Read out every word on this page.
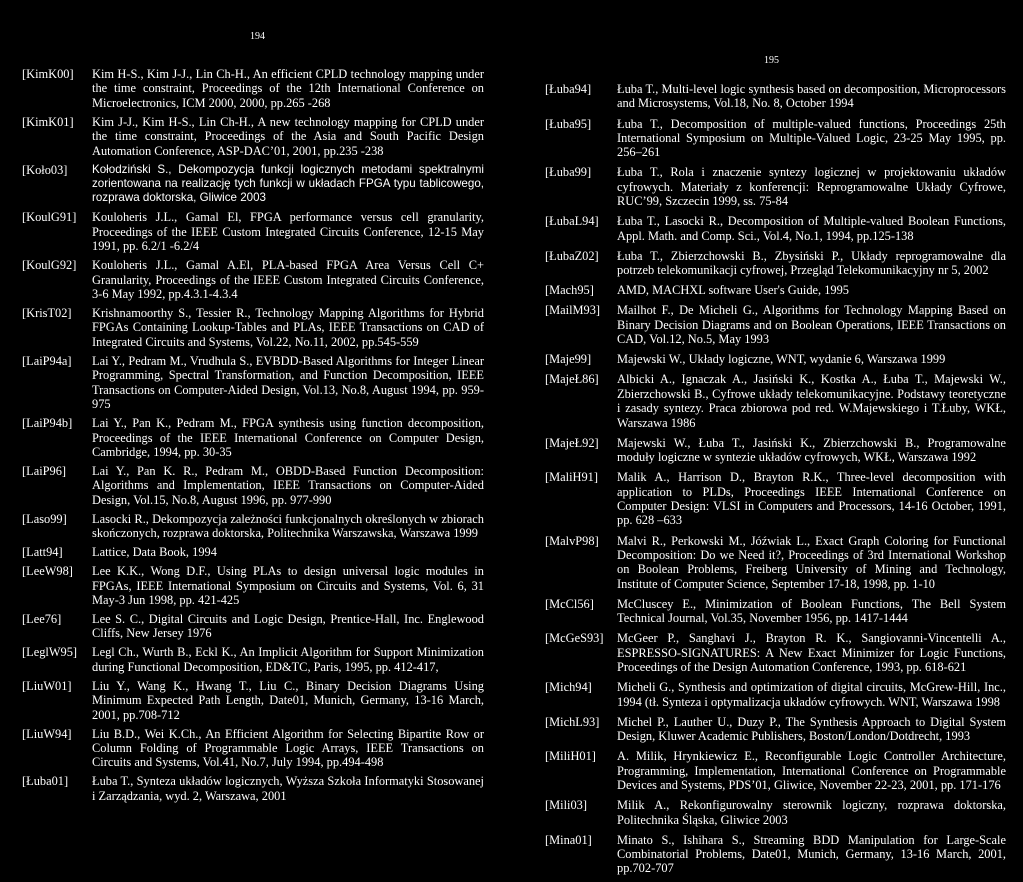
194
[KimK00]	Kim H-S., Kim J-J., Lin Ch-H., An efficient CPLD technology mapping under the time constraint, Proceedings of the 12th International Conference on Microelectronics, ICM 2000, 2000, pp.265 -268
[KimK01]	Kim J-J., Kim H-S., Lin Ch-H., A new technology mapping for CPLD under the time constraint, Proceedings of the Asia and South Pacific Design Automation Conference, ASP-DAC’01, 2001, pp.235 -238
[Koło03]	Kołodziński S., Dekompozycja funkcji logicznych metodami spektralnymi zorientowana na realizację tych funkcji w układach FPGA typu tablicowego, rozprawa doktorska, Gliwice 2003
[KoulG91]	Kouloheris J.L., Gamal El, FPGA performance versus cell granularity, Proceedings of the IEEE Custom Integrated Circuits Conference, 12-15 May 1991, pp. 6.2/1 -6.2/4
[KoulG92]	Kouloheris J.L., Gamal A.El, PLA-based FPGA Area Versus Cell C+ Granularity, Proceedings of the IEEE Custom Integrated Circuits Conference, 3-6 May 1992, pp.4.3.1-4.3.4
[KrisT02]	Krishnamoorthy S., Tessier R., Technology Mapping Algorithms for Hybrid FPGAs Containing Lookup-Tables and PLAs, IEEE Transactions on CAD of Integrated Circuits and Systems, Vol.22, No.11, 2002, pp.545-559
[LaiP94a]	Lai Y., Pedram M., Vrudhula S., EVBDD-Based Algorithms for Integer Linear Programming, Spectral Transformation, and Function Decomposition, IEEE Transactions on Computer-Aided Design, Vol.13, No.8, August 1994, pp. 959-975
[LaiP94b]	Lai Y., Pan K., Pedram M., FPGA synthesis using function decomposition, Proceedings of the IEEE International Conference on Computer Design, Cambridge, 1994, pp. 30-35
[LaiP96]	Lai Y., Pan K. R., Pedram M., OBDD-Based Function Decomposition: Algorithms and Implementation, IEEE Transactions on Computer-Aided Design, Vol.15, No.8, August 1996, pp. 977-990
[Laso99]	Lasocki R., Dekompozycja zależności funkcjonalnych określonych w zbiorach skończonych, rozprawa doktorska, Politechnika Warszawska, Warszawa 1999
[Latt94]	Lattice, Data Book, 1994
[LeeW98]	Lee K.K., Wong D.F., Using PLAs to design universal logic modules in FPGAs, IEEE International Symposium on Circuits and Systems, Vol. 6, 31 May-3 Jun 1998, pp. 421-425
[Lee76]	Lee S. C., Digital Circuits and Logic Design, Prentice-Hall, Inc. Englewood Cliffs, New Jersey 1976
[LeglW95]	Legl Ch., Wurth B., Eckl K., An Implicit Algorithm for Support Minimization during Functional Decomposition, ED&TC, Paris, 1995, pp. 412-417,
[LiuW01]	Liu Y., Wang K., Hwang T., Liu C., Binary Decision Diagrams Using Minimum Expected Path Length, Date01, Munich, Germany, 13-16 March, 2001, pp.708-712
[LiuW94]	Liu B.D., Wei K.Ch., An Efficient Algorithm for Selecting Bipartite Row or Column Folding of Programmable Logic Arrays, IEEE Transactions on Circuits and Systems, Vol.41, No.7, July 1994, pp.494-498
[Łuba01]	Łuba T., Synteza układów logicznych, Wyższa Szkoła Informatyki Stosowanej i Zarządzania, wyd. 2, Warszawa, 2001
195
[Łuba94]	Łuba T., Multi-level logic synthesis based on decomposition, Microprocessors and Microsystems, Vol.18, No. 8, October 1994
[Łuba95]	Łuba T., Decomposition of multiple-valued functions, Proceedings 25th International Symposium on Multiple-Valued Logic, 23-25 May 1995, pp. 256–261
[Łuba99]	Łuba T., Rola i znaczenie syntezy logicznej w projektowaniu układów cyfrowych. Materiały z konferencji: Reprogramowalne Układy Cyfrowe, RUC’99, Szczecin 1999, ss. 75-84
[ŁubaL94]	Łuba T., Lasocki R., Decomposition of Multiple-valued Boolean Functions, Appl. Math. and Comp. Sci., Vol.4, No.1, 1994, pp.125-138
[ŁubaZ02]	Łuba T., Zbierzchowski B., Zbysiński P., Układy reprogramowalne dla potrzeb telekomunikacji cyfrowej, Przegląd Telekomunikacyjny nr 5, 2002
[Mach95]	AMD, MACHXL software User's Guide, 1995
[MailM93]	Mailhot F., De Micheli G., Algorithms for Technology Mapping Based on Binary Decision Diagrams and on Boolean Operations, IEEE Transactions on CAD, Vol.12, No.5, May 1993
[Maje99]	Majewski W., Układy logiczne, WNT, wydanie 6, Warszawa 1999
[MajeŁ86]	Albicki A., Ignaczak A., Jasiński K., Kostka A., Łuba T., Majewski W., Zbierzchowski B., Cyfrowe układy telekomunikacyjne. Podstawy teoretyczne i zasady syntezy. Praca zbiorowa pod red. W.Majewskiego i T.Łuby, WKŁ, Warszawa 1986
[MajeŁ92]	Majewski W., Łuba T., Jasiński K., Zbierzchowski B., Programowalne moduły logiczne w syntezie układów cyfrowych, WKŁ, Warszawa 1992
[MaliH91]	Malik A., Harrison D., Brayton R.K., Three-level decomposition with application to PLDs, Proceedings IEEE International Conference on Computer Design: VLSI in Computers and Processors, 14-16 October, 1991, pp. 628 –633
[MalvP98]	Malvi R., Perkowski M., Jóźwiak L., Exact Graph Coloring for Functional Decomposition: Do we Need it?, Proceedings of 3rd International Workshop on Boolean Problems, Freiberg University of Mining and Technology, Institute of Computer Science, September 17-18, 1998, pp. 1-10
[McCl56]	McCluscey E., Minimization of Boolean Functions, The Bell System Technical Journal, Vol.35, November 1956, pp. 1417-1444
[McGeS93]	McGeer P., Sanghavi J., Brayton R. K., Sangiovanni-Vincentelli A., ESPRESSO-SIGNATURES: A New Exact Minimizer for Logic Functions, Proceedings of the Design Automation Conference, 1993, pp. 618-621
[Mich94]	Micheli G., Synthesis and optimization of digital circuits, McGrew-Hill, Inc., 1994 (tł. Synteza i optymalizacja układów cyfrowych. WNT, Warszawa 1998
[MichL93]	Michel P., Lauther U., Duzy P., The Synthesis Approach to Digital System Design, Kluwer Academic Publishers, Boston/London/Dotdrecht, 1993
[MiliH01]	A. Milik, Hrynkiewicz E., Reconfigurable Logic Controller Architecture, Programming, Implementation, International Conference on Programmable Devices and Systems, PDS’01, Gliwice, November 22-23, 2001, pp. 171-176
[Mili03]	Milik A., Rekonfigurowalny sterownik logiczny, rozprawa doktorska, Politechnika Śląska, Gliwice 2003
[Mina01]	Minato S., Ishihara S., Streaming BDD Manipulation for Large-Scale Combinatorial Problems, Date01, Munich, Germany, 13-16 March, 2001, pp.702-707
